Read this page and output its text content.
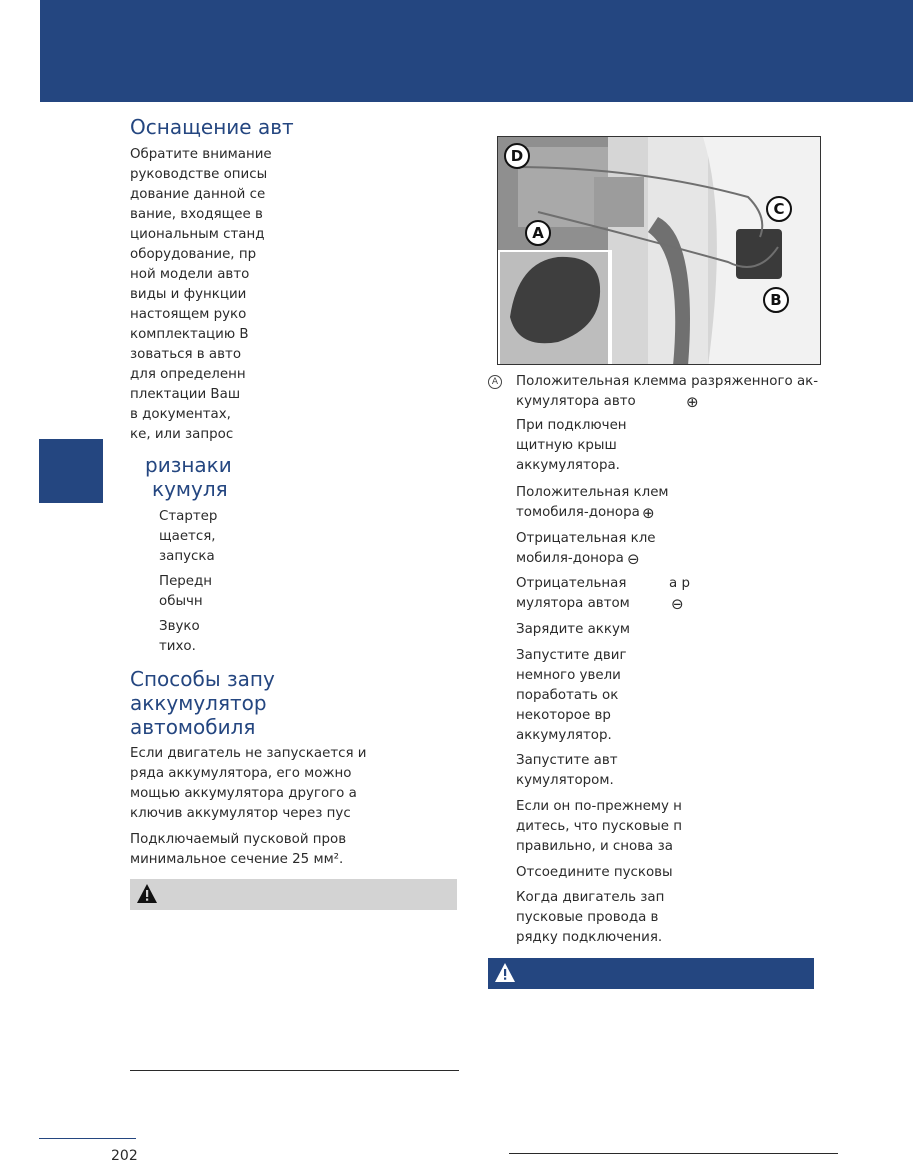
Оснащение авт
Обратите внимание
руководстве описы
дование данной се
вание, входящее в
циональным станд
оборудование, пр
ной модели авто
виды и функции
настоящем руко
комплектацию В
зоваться в авто
для определенн
плектации Ваш
в документах,
ке, или запрос
ризнаки
кумуля
Стартер
щается,
запуска
Передн
обычн
Звуко
тихо.
Способы запу
аккумулятор
автомобиля
Если двигатель не запускается и
ряда аккумулятора, его можно
мощью аккумулятора другого а
ключив аккумулятор через пус
Подключаемый пусковой пров
минимальное сечение 25 мм².
202
D
C
A
B
A Положительная клемма разряженного ак-
кумулятора авто	⊕
При подключен
щитную крыш
аккумулятора.
Положительная клем
томобиля-донора ⊕
Отрицательная кле
мобиля-донора ⊖
Отрицательная
мулятора автом
а р
⊖
Зарядите аккум
Запустите двиг
немного увели
поработать ок
некоторое вр
аккумулятор.
Запустите авт
кумулятором.
Если он по-прежнему н
дитесь, что пусковые п
правильно, и снова за
Отсоедините пусковы
Когда двигатель зап
пусковые провода в
рядку подключения.
